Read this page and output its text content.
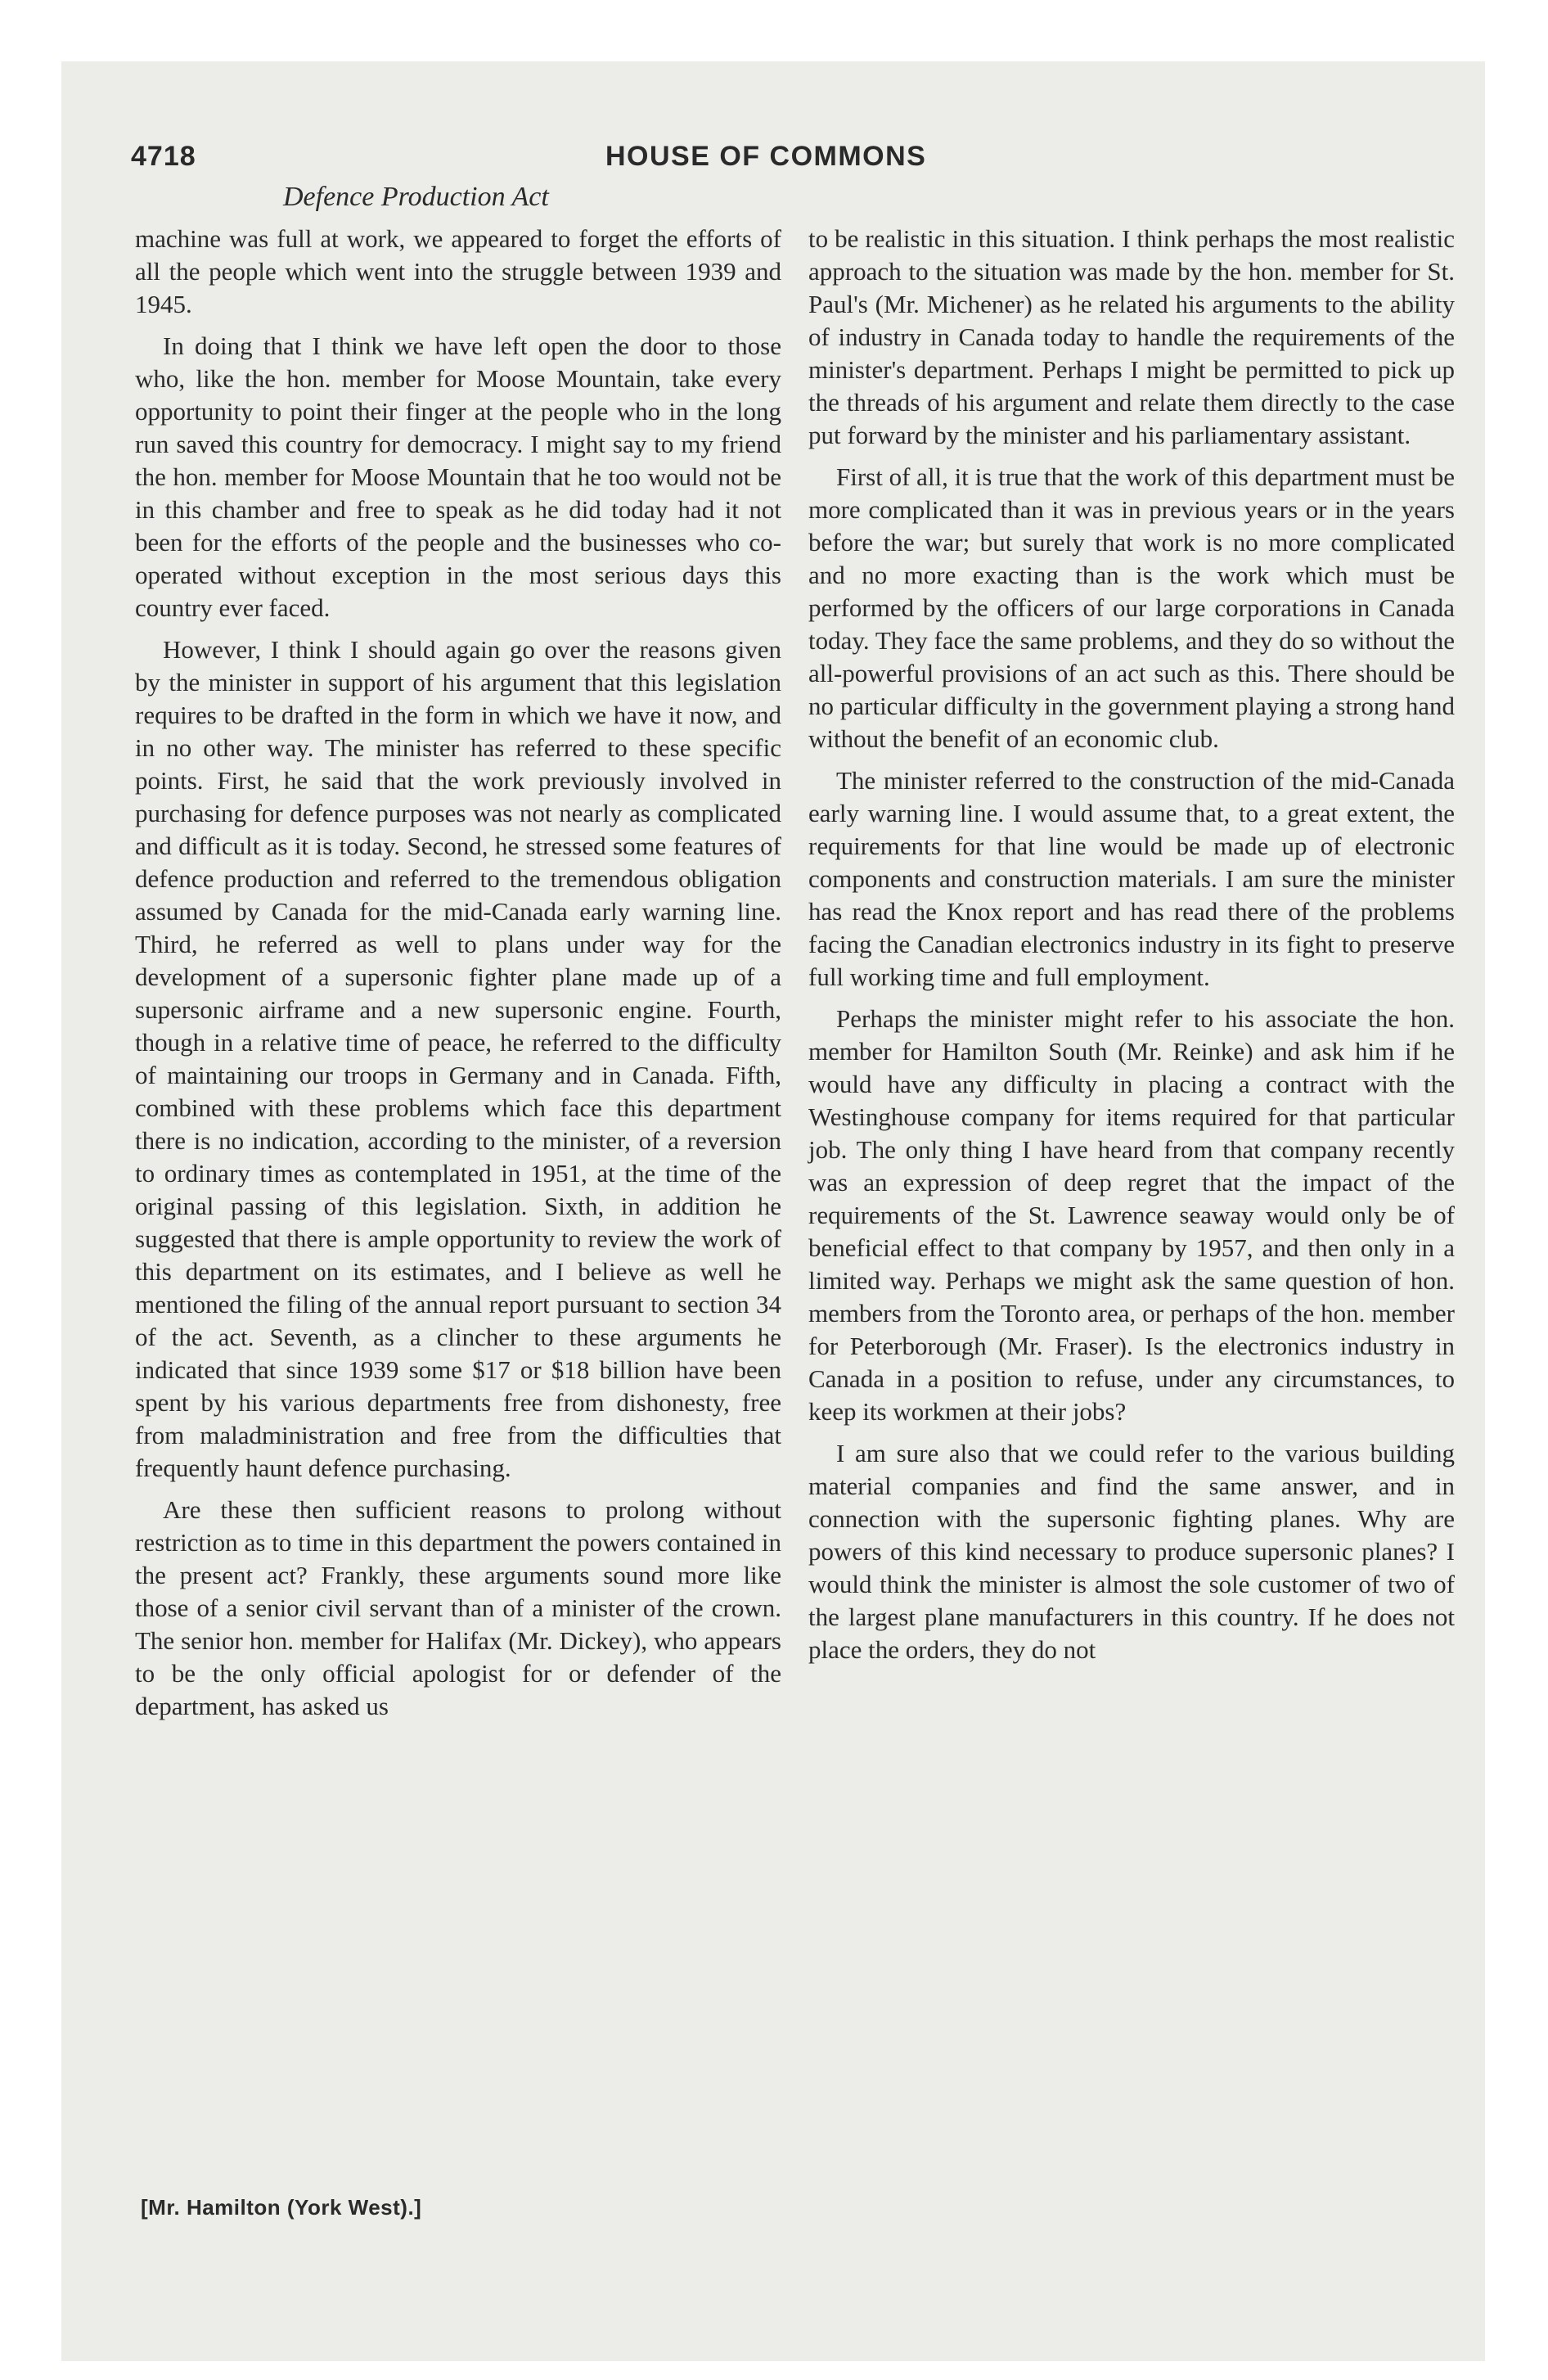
4718	HOUSE OF COMMONS
Defence Production Act

machine was full at work, we appeared to forget the efforts of all the people which went into the struggle between 1939 and 1945.

In doing that I think we have left open the door to those who, like the hon. member for Moose Mountain, take every opportunity to point their finger at the people who in the long run saved this country for democracy. I might say to my friend the hon. member for Moose Mountain that he too would not be in this chamber and free to speak as he did today had it not been for the efforts of the people and the businesses who co-operated without exception in the most serious days this country ever faced.

However, I think I should again go over the reasons given by the minister in support of his argument that this legislation requires to be drafted in the form in which we have it now, and in no other way. The minister has referred to these specific points. First, he said that the work previously involved in purchasing for defence purposes was not nearly as complicated and difficult as it is today. Second, he stressed some features of defence production and referred to the tremendous obligation assumed by Canada for the mid-Canada early warning line. Third, he referred as well to plans under way for the development of a supersonic fighter plane made up of a supersonic airframe and a new supersonic engine. Fourth, though in a relative time of peace, he referred to the difficulty of maintaining our troops in Germany and in Canada. Fifth, combined with these problems which face this department there is no indication, according to the minister, of a reversion to ordinary times as contemplated in 1951, at the time of the original passing of this legislation. Sixth, in addition he suggested that there is ample opportunity to review the work of this department on its estimates, and I believe as well he mentioned the filing of the annual report pursuant to section 34 of the act. Seventh, as a clincher to these arguments he indicated that since 1939 some $17 or $18 billion have been spent by his various departments free from dishonesty, free from maladministration and free from the difficulties that frequently haunt defence purchasing.

Are these then sufficient reasons to prolong without restriction as to time in this department the powers contained in the present act? Frankly, these arguments sound more like those of a senior civil servant than of a minister of the crown. The senior hon. member for Halifax (Mr. Dickey), who appears to be the only official apologist for or defender of the department, has asked us

to be realistic in this situation. I think perhaps the most realistic approach to the situation was made by the hon. member for St. Paul's (Mr. Michener) as he related his arguments to the ability of industry in Canada today to handle the requirements of the minister's department. Perhaps I might be permitted to pick up the threads of his argument and relate them directly to the case put forward by the minister and his parliamentary assistant.

First of all, it is true that the work of this department must be more complicated than it was in previous years or in the years before the war; but surely that work is no more complicated and no more exacting than is the work which must be performed by the officers of our large corporations in Canada today. They face the same problems, and they do so without the all-powerful provisions of an act such as this. There should be no particular difficulty in the government playing a strong hand without the benefit of an economic club.

The minister referred to the construction of the mid-Canada early warning line. I would assume that, to a great extent, the requirements for that line would be made up of electronic components and construction materials. I am sure the minister has read the Knox report and has read there of the problems facing the Canadian electronics industry in its fight to preserve full working time and full employment.

Perhaps the minister might refer to his associate the hon. member for Hamilton South (Mr. Reinke) and ask him if he would have any difficulty in placing a contract with the Westinghouse company for items required for that particular job. The only thing I have heard from that company recently was an expression of deep regret that the impact of the requirements of the St. Lawrence seaway would only be of beneficial effect to that company by 1957, and then only in a limited way. Perhaps we might ask the same question of hon. members from the Toronto area, or perhaps of the hon. member for Peterborough (Mr. Fraser). Is the electronics industry in Canada in a position to refuse, under any circumstances, to keep its workmen at their jobs?

I am sure also that we could refer to the various building material companies and find the same answer, and in connection with the supersonic fighting planes. Why are powers of this kind necessary to produce supersonic planes? I would think the minister is almost the sole customer of two of the largest plane manufacturers in this country. If he does not place the orders, they do not

[Mr. Hamilton (York West).]
